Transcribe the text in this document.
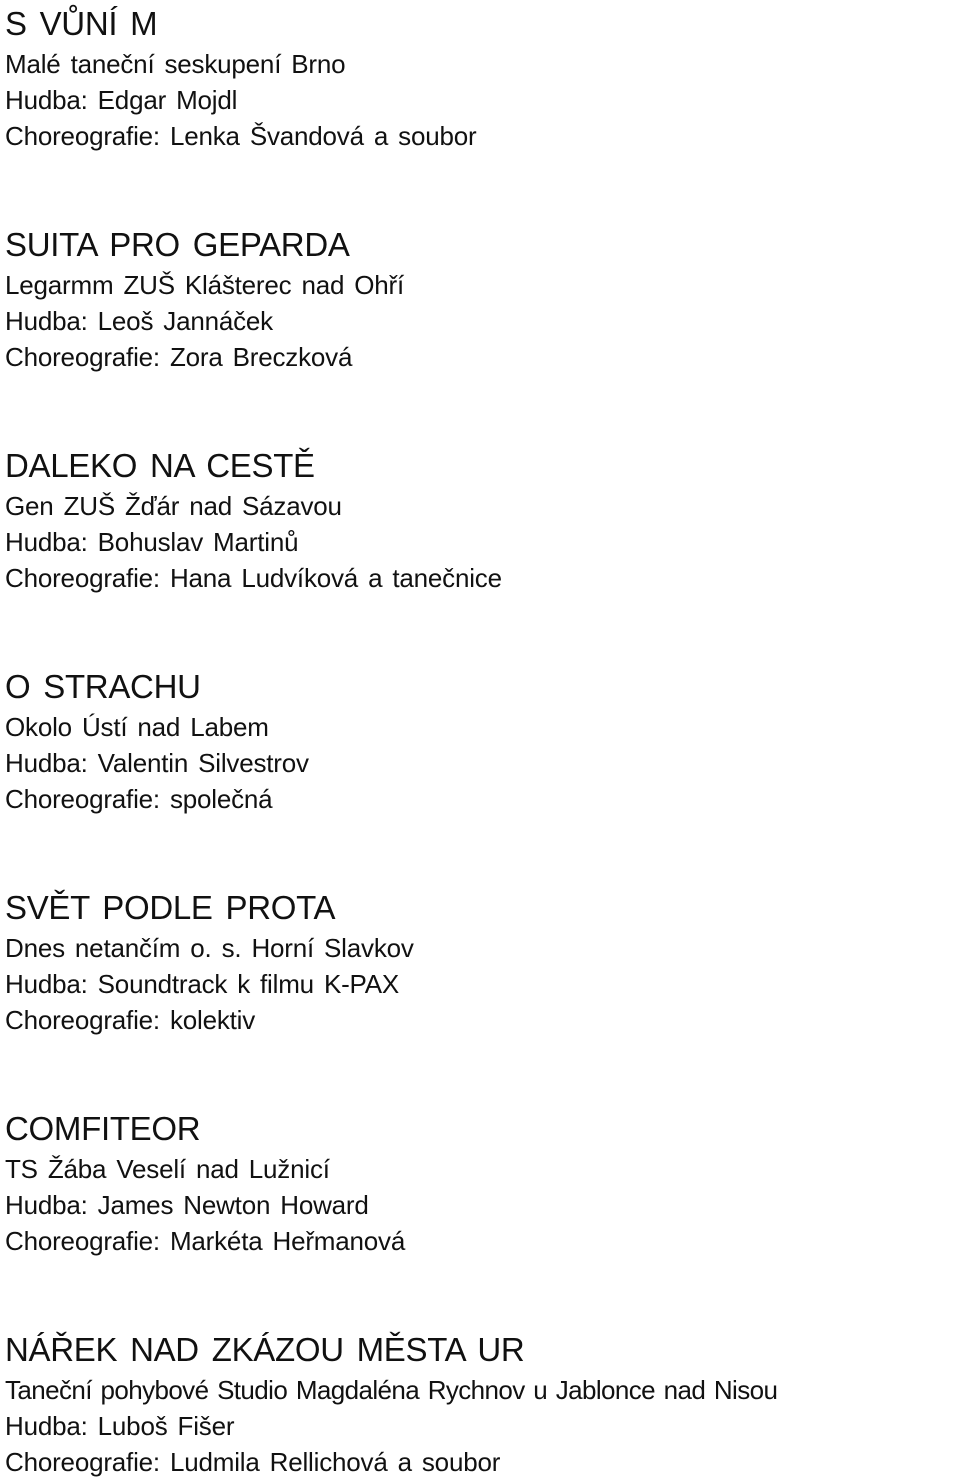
S VŮNÍ M
Malé taneční seskupení Brno
Hudba: Edgar Mojdl
Choreografie: Lenka Švandová a soubor
SUITA PRO GEPARDA
Legarmm ZUŠ Klášterec nad Ohří
Hudba: Leoš Jannáček
Choreografie: Zora Breczková
DALEKO NA CESTĚ
Gen ZUŠ Žďár nad Sázavou
Hudba: Bohuslav Martinů
Choreografie: Hana Ludvíková a tanečnice
O STRACHU
Okolo Ústí nad Labem
Hudba: Valentin Silvestrov
Choreografie: společná
SVĚT PODLE PROTA
Dnes netančím o. s. Horní Slavkov
Hudba: Soundtrack k filmu K-PAX
Choreografie: kolektiv
COMFITEOR
TS Žába Veselí nad Lužnicí
Hudba: James Newton Howard
Choreografie: Markéta Heřmanová
NÁŘEK NAD ZKÁZOU MĚSTA UR
Taneční pohybové Studio Magdaléna Rychnov u Jablonce nad Nisou
Hudba: Luboš Fišer
Choreografie: Ludmila Rellichová a soubor
